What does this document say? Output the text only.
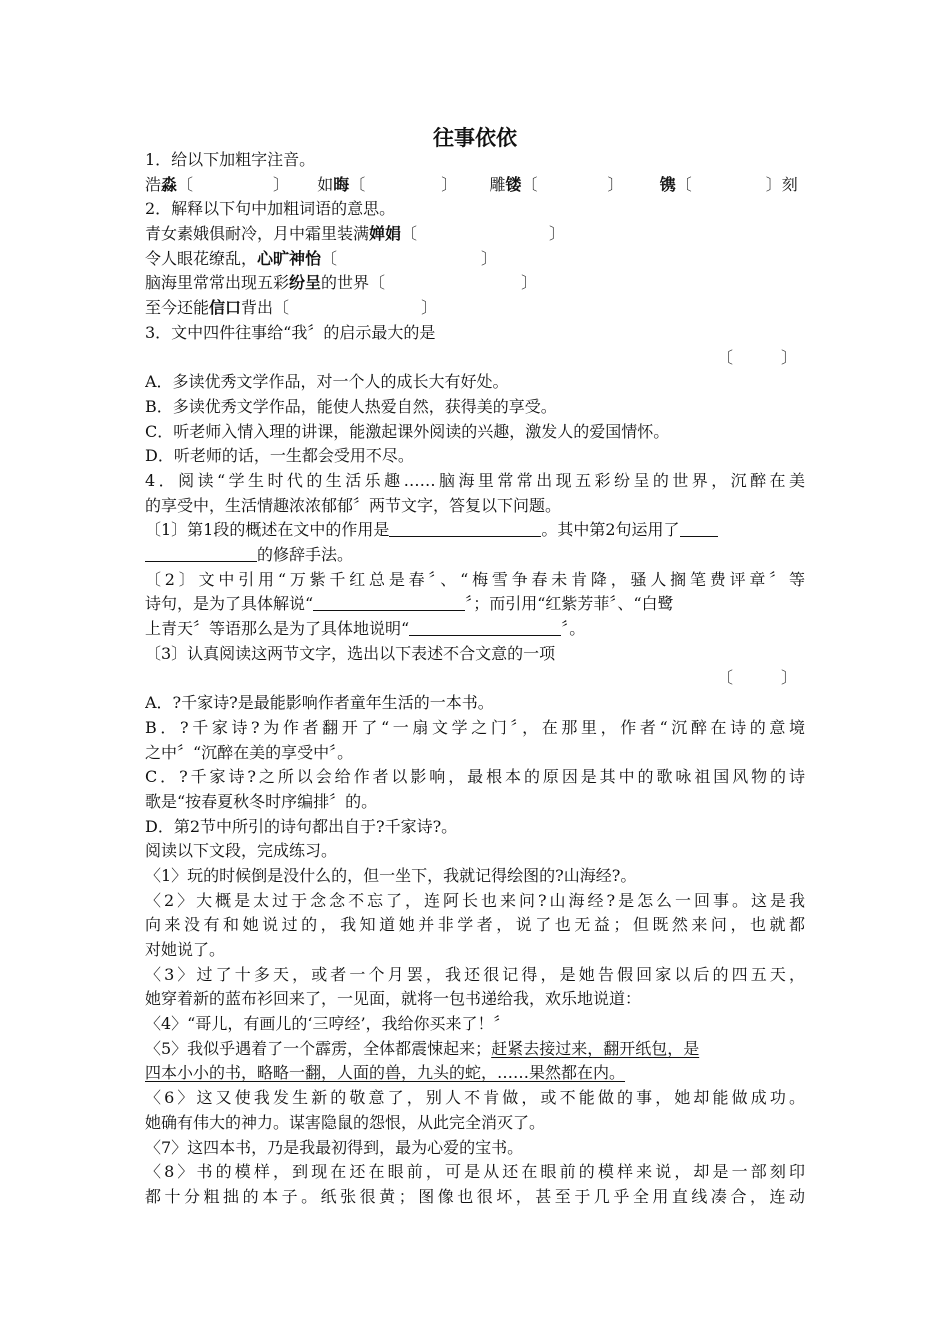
往事依依
1．给以下加粗字注音。
浩淼〔	〕 如晦〔	〕 雕镂〔	〕 镌〔	〕刻
2．解释以下句中加粗词语的意思。
青女素娥俱耐冷，月中霜里装满婵娟〔	〕
令人眼花缭乱，心旷神怡〔	〕
脑海里常常出现五彩纷呈的世界〔	〕
至今还能信口背出〔	〕
3．文中四件往事给“我〞的启示最大的是
〔　　　〕
A．多读优秀文学作品，对一个人的成长大有好处。
B．多读优秀文学作品，能使人热爱自然，获得美的享受。
C．听老师入情入理的讲课，能激起课外阅读的兴趣，激发人的爱国情怀。
D．听老师的话，一生都会受用不尽。
4．阅读“学生时代的生活乐趣……脑海里常常出现五彩纷呈的世界，沉醉在美
的享受中，生活情趣浓浓郁郁〞两节文字，答复以下问题。
〔1〕第1段的概述在文中的作用是	。其中第2句运用了
的修辞手法。
〔2〕文中引用“万紫千红总是春〞、“梅雪争春未肯降，骚人搁笔费评章〞等
诗句，是为了具体解说“	〞；而引用“红紫芳菲〞、“白鹭
上青天〞等语那么是为了具体地说明“	〞。
〔3〕认真阅读这两节文字，选出以下表述不合文意的一项
〔　　　〕
A．?千家诗?是最能影响作者童年生活的一本书。
B．?千家诗?为作者翻开了“一扇文学之门〞，在那里，作者“沉醉在诗的意境
之中〞“沉醉在美的享受中〞。
C．?千家诗?之所以会给作者以影响，最根本的原因是其中的歌咏祖国风物的诗
歌是“按春夏秋冬时序编排〞的。
D．第2节中所引的诗句都出自于?千家诗?。
阅读以下文段，完成练习。
〈1〉玩的时候倒是没什么的，但一坐下，我就记得绘图的?山海经?。
〈2〉大概是太过于念念不忘了，连阿长也来问?山海经?是怎么一回事。这是我
向来没有和她说过的，我知道她并非学者，说了也无益；但既然来问，也就都
对她说了。
〈3〉过了十多天，或者一个月罢，我还很记得，是她告假回家以后的四五天，
她穿着新的蓝布衫回来了，一见面，就将一包书递给我，欢乐地说道：
〈4〉“哥儿，有画儿的‘三哼经’，我给你买来了！〞
〈5〉我似乎遇着了一个霹雳，全体都震悚起来；赶紧去接过来，翻开纸包，是
四本小小的书，略略一翻，人面的兽，九头的蛇，……果然都在内。
〈6〉这又使我发生新的敬意了，别人不肯做，或不能做的事，她却能做成功。
她确有伟大的神力。谋害隐鼠的怨恨，从此完全消灭了。
〈7〉这四本书，乃是我最初得到，最为心爱的宝书。
〈8〉书的模样，到现在还在眼前，可是从还在眼前的模样来说，却是一部刻印
都十分粗拙的本子。纸张很黄；图像也很坏，甚至于几乎全用直线凑合，连动
